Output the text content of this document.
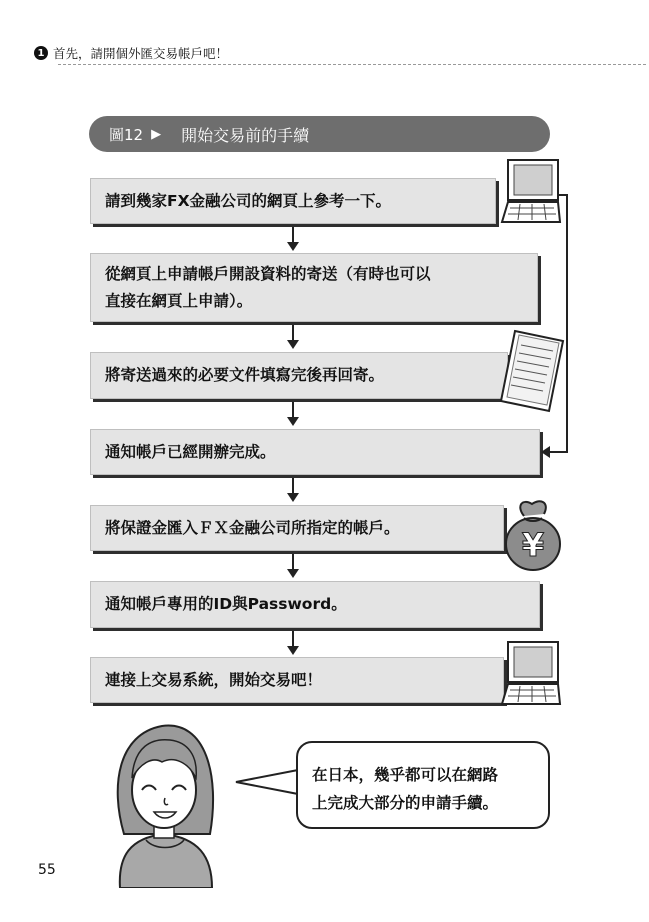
1 首先，請開個外匯交易帳戶吧！
圖12 ▶ 開始交易前的手續
請到幾家FX金融公司的網頁上參考一下。
從網頁上申請帳戶開設資料的寄送（有時也可以
直接在網頁上申請）。
將寄送過來的必要文件填寫完後再回寄。
通知帳戶已經開辦完成。
將保證金匯入ＦＸ金融公司所指定的帳戶。
通知帳戶專用的ID與Password。
連接上交易系統，開始交易吧！
¥
在日本，幾乎都可以在網路
上完成大部分的申請手續。
55
